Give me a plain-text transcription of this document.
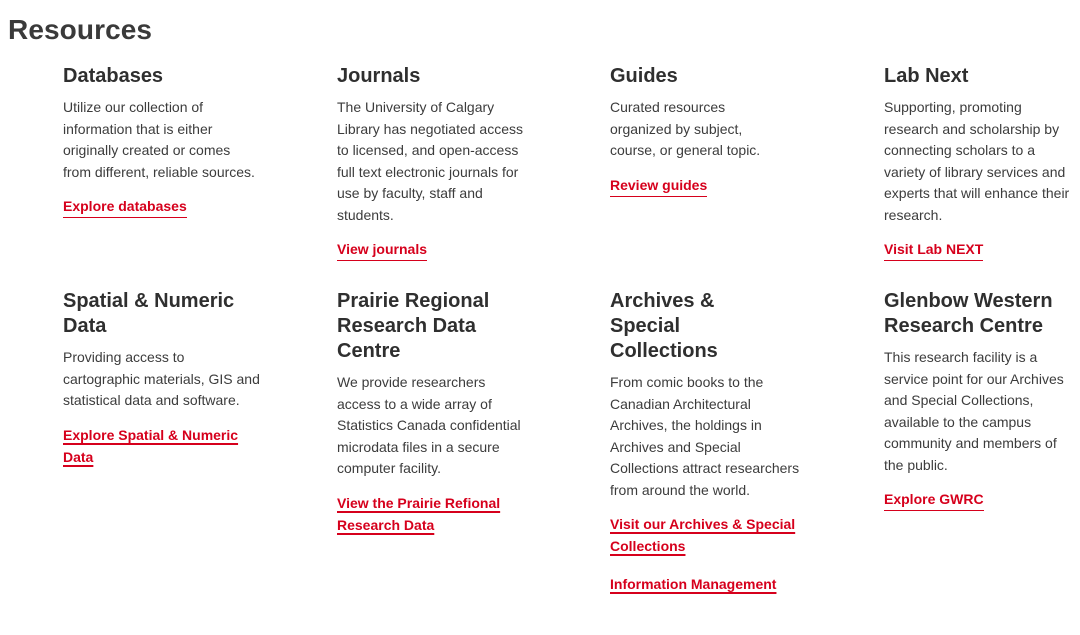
Resources
Databases

Utilize our collection of information that is either originally created or comes from different, reliable sources.

Explore databases
Journals

The University of Calgary Library has negotiated access to licensed, and open-access full text electronic journals for use by faculty, staff and students.

View journals
Guides

Curated resources organized by subject, course, or general topic.

Review guides
Lab Next

Supporting, promoting research and scholarship by connecting scholars to a variety of library services and experts that will enhance their research.

Visit Lab NEXT
Spatial & Numeric Data

Providing access to cartographic materials, GIS and statistical data and software.

Explore Spatial & Numeric Data
Prairie Regional Research Data Centre

We provide researchers access to a wide array of Statistics Canada confidential microdata files in a secure computer facility.

View the Prairie Refional Research Data
Archives & Special Collections

From comic books to the Canadian Architectural Archives, the holdings in Archives and Special Collections attract researchers from around the world.

Visit our Archives & Special Collections
Information Management
Glenbow Western Research Centre

This research facility is a service point for our Archives and Special Collections, available to the campus community and members of the public.

Explore GWRC
